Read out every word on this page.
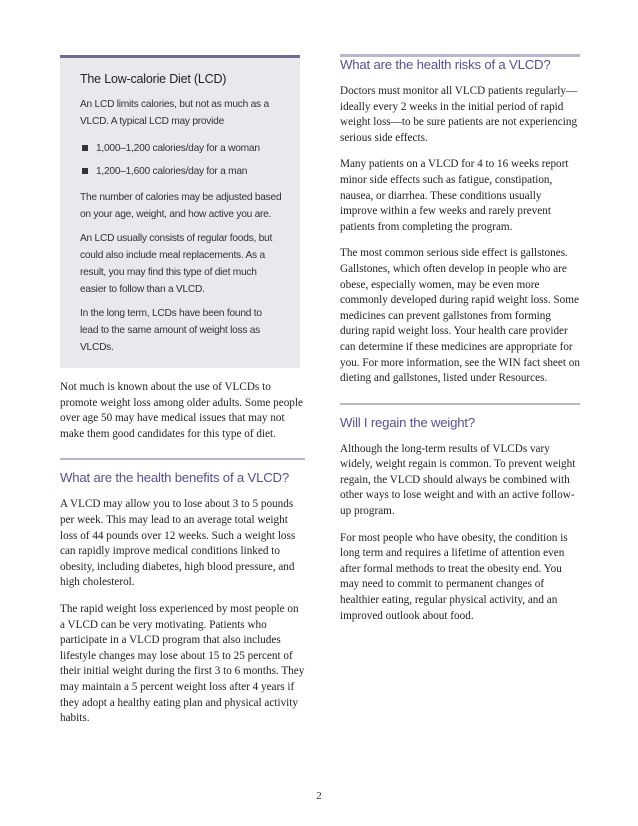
The Low-calorie Diet (LCD)

An LCD limits calories, but not as much as a VLCD. A typical LCD may provide

1,000–1,200 calories/day for a woman
1,200–1,600 calories/day for a man

The number of calories may be adjusted based on your age, weight, and how active you are.

An LCD usually consists of regular foods, but could also include meal replacements. As a result, you may find this type of diet much easier to follow than a VLCD.

In the long term, LCDs have been found to lead to the same amount of weight loss as VLCDs.

Not much is known about the use of VLCDs to promote weight loss among older adults. Some people over age 50 may have medical issues that may not make them good candidates for this type of diet.

What are the health benefits of a VLCD?

A VLCD may allow you to lose about 3 to 5 pounds per week. This may lead to an average total weight loss of 44 pounds over 12 weeks. Such a weight loss can rapidly improve medical conditions linked to obesity, including diabetes, high blood pressure, and high cholesterol.

The rapid weight loss experienced by most people on a VLCD can be very motivating. Patients who participate in a VLCD program that also includes lifestyle changes may lose about 15 to 25 percent of their initial weight during the first 3 to 6 months. They may maintain a 5 percent weight loss after 4 years if they adopt a healthy eating plan and physical activity habits.

What are the health risks of a VLCD?

Doctors must monitor all VLCD patients regularly—ideally every 2 weeks in the initial period of rapid weight loss—to be sure patients are not experiencing serious side effects.

Many patients on a VLCD for 4 to 16 weeks report minor side effects such as fatigue, constipation, nausea, or diarrhea. These conditions usually improve within a few weeks and rarely prevent patients from completing the program.

The most common serious side effect is gallstones. Gallstones, which often develop in people who are obese, especially women, may be even more commonly developed during rapid weight loss. Some medicines can prevent gallstones from forming during rapid weight loss. Your health care provider can determine if these medicines are appropriate for you. For more information, see the WIN fact sheet on dieting and gallstones, listed under Resources.

Will I regain the weight?

Although the long-term results of VLCDs vary widely, weight regain is common. To prevent weight regain, the VLCD should always be combined with other ways to lose weight and with an active follow-up program.

For most people who have obesity, the condition is long term and requires a lifetime of attention even after formal methods to treat the obesity end. You may need to commit to permanent changes of healthier eating, regular physical activity, and an improved outlook about food.

2
